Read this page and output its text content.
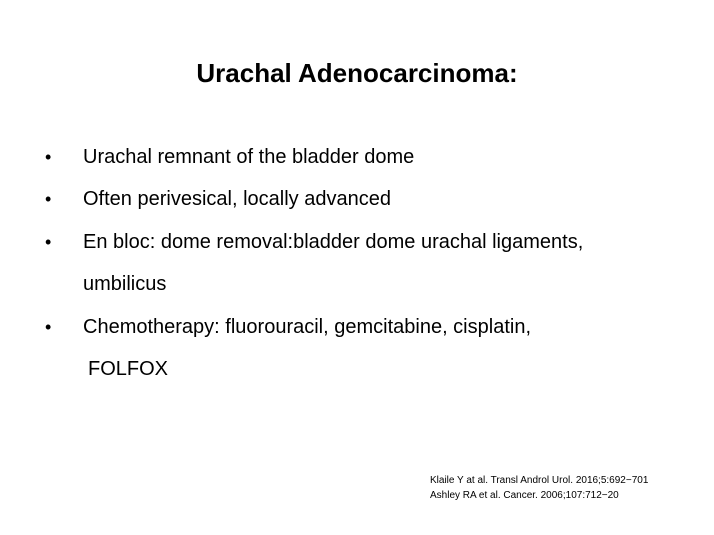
Urachal Adenocarcinoma:
• Urachal remnant of the bladder dome
• Often perivesical, locally advanced
• En bloc: dome removal:bladder dome urachal ligaments,
umbilicus
• Chemotherapy: fluorouracil, gemcitabine, cisplatin,
FOLFOX
Klaile Y at al. Transl Androl Urol. 2016;5:692−701
Ashley RA et al. Cancer. 2006;107:712−20
